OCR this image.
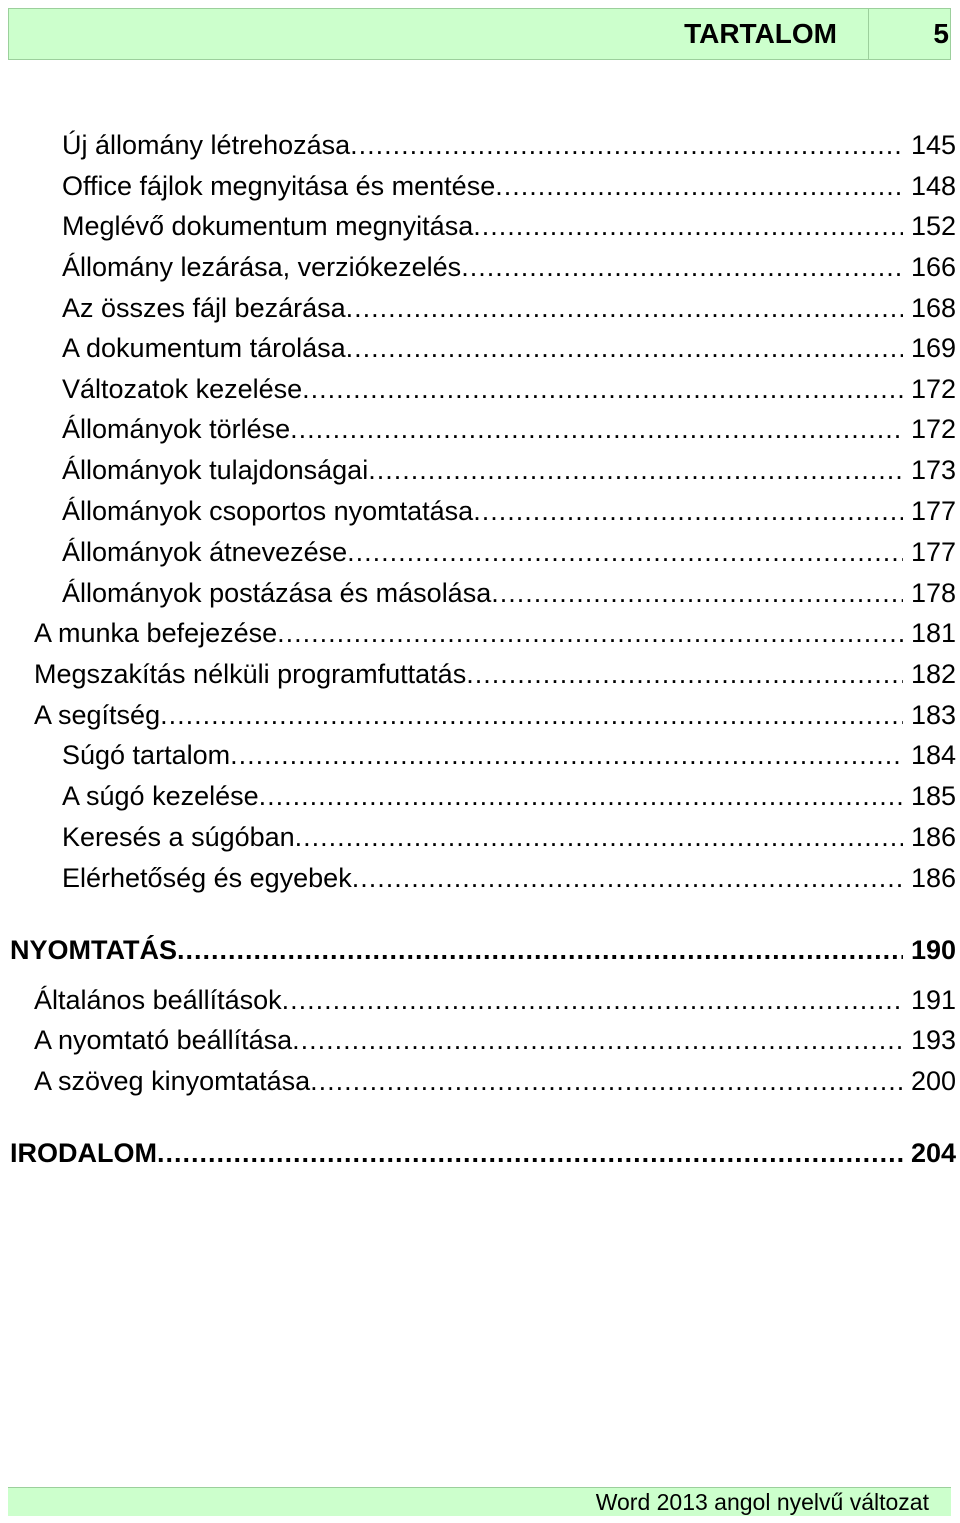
TARTALOM	5
Új állomány létrehozása .....	145
Office fájlok megnyitása és mentése .....	148
Meglévő dokumentum megnyitása .....	152
Állomány lezárása, verziókezelés .....	166
Az összes fájl bezárása .....	168
A dokumentum tárolása .....	169
Változatok kezelése .....	172
Állományok törlése .....	172
Állományok tulajdonságai .....	173
Állományok csoportos nyomtatása .....	177
Állományok átnevezése .....	177
Állományok postázása és másolása .....	178
A munka befejezése .....	181
Megszakítás nélküli programfuttatás .....	182
A segítség .....	183
Súgó tartalom .....	184
A súgó kezelése .....	185
Keresés a súgóban .....	186
Elérhetőség és egyebek .....	186
NYOMTATÁS .....	190
Általános beállítások .....	191
A nyomtató beállítása .....	193
A szöveg kinyomtatása .....	200
IRODALOM .....	204
Word 2013 angol nyelvű változat
